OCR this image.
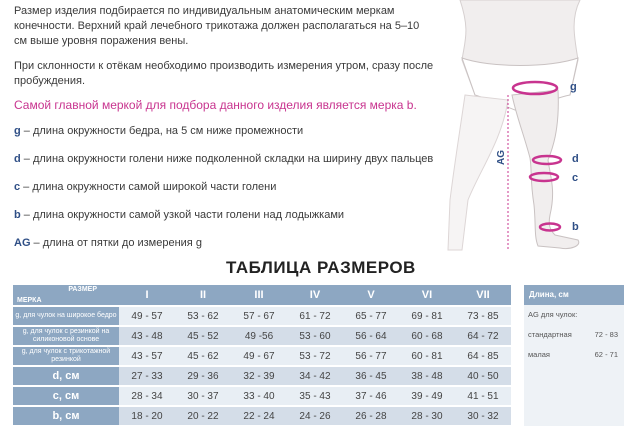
Размер изделия подбирается по индивидуальным анатомическим меркам конечности. Верхний край лечебного трикотажа должен располагаться на 5–10 см выше уровня поражения вены.

При склонности к отёкам необходимо производить измерения утром, сразу после пробуждения.

Самой главной меркой для подбора данного изделия является мерка b.
g – длина окружности бедра, на 5 см ниже промежности
d – длина окружности голени ниже подколенной складки на ширину двух пальцев
c – длина окружности самой широкой части голени
b – длина окружности самой узкой части голени над лодыжками
AG – длина от пятки до измерения g
g
d
c
b
AG
ТАБЛИЦА РАЗМЕРОВ
РАЗМЕР
МЕРКА	I	II	III	IV	V	VI	VII
g, для чулок на широкое бедро	49 - 57	53 - 62	57 - 67	61 - 72	65 - 77	69 - 81	73 - 85
g, для чулок с резинкой на силиконовой основе	43 - 48	45 - 52	49 -56	53 - 60	56 - 64	60 - 68	64 - 72
g, для чулок с трикотажной резинкой	43 - 57	45 - 62	49 - 67	53 - 72	56 - 77	60 - 81	64 - 85
d, см	27 - 33	29 - 36	32 - 39	34 - 42	36 - 45	38 - 48	40 - 50
c, см	28 - 34	30 - 37	33 - 40	35 - 43	37 - 46	39 - 49	41 - 51
b, см	18 - 20	20 - 22	22 - 24	24 - 26	26 - 28	28 - 30	30 - 32
Длина, см
AG для чулок:
стандартная	72 - 83
малая	62 - 71
